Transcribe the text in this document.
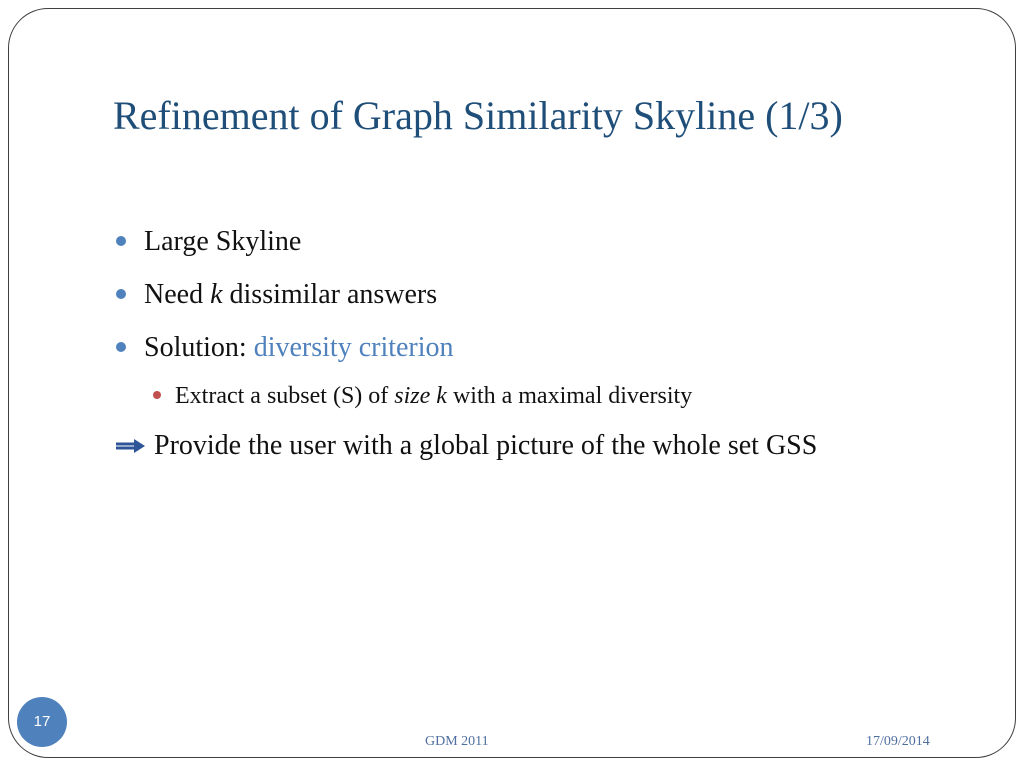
Refinement of Graph Similarity Skyline (1/3)
Large Skyline
Need k dissimilar answers
Solution: diversity criterion
Extract a subset (S) of size k with a maximal diversity
Provide the user with a global picture of the whole set GSS
17
GDM 2011	17/09/2014
